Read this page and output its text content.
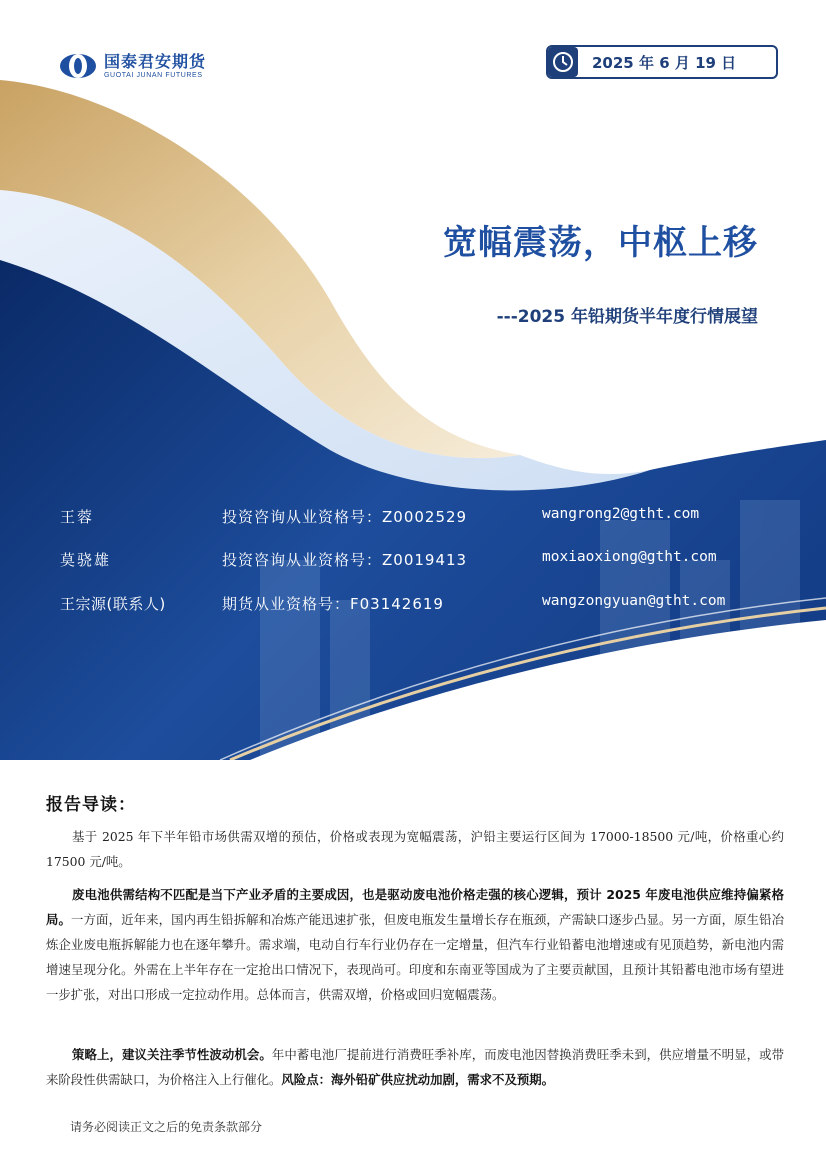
国泰君安期货
GUOTAI JUNAN FUTURES
2025 年 6 月 19 日
宽幅震荡，中枢上移
---2025 年铅期货半年度行情展望
王蓉	投资咨询从业资格号：Z0002529	wangrong2@gtht.com
莫骁雄	投资咨询从业资格号：Z0019413	moxiaoxiong@gtht.com
王宗源(联系人)	期货从业资格号：F03142619	wangzongyuan@gtht.com
报告导读：
基于 2025 年下半年铅市场供需双增的预估，价格或表现为宽幅震荡，沪铅主要运行区间为 17000-18500 元/吨，价格重心约 17500 元/吨。
废电池供需结构不匹配是当下产业矛盾的主要成因，也是驱动废电池价格走强的核心逻辑，预计 2025 年废电池供应维持偏紧格局。一方面，近年来，国内再生铅拆解和冶炼产能迅速扩张，但废电瓶发生量增长存在瓶颈，产需缺口逐步凸显。另一方面，原生铅冶炼企业废电瓶拆解能力也在逐年攀升。需求端，电动自行车行业仍存在一定增量，但汽车行业铅蓄电池增速或有见顶趋势，新电池内需增速呈现分化。外需在上半年存在一定抢出口情况下，表现尚可。印度和东南亚等国成为了主要贡献国，且预计其铅蓄电池市场有望进一步扩张，对出口形成一定拉动作用。总体而言，供需双增，价格或回归宽幅震荡。
策略上，建议关注季节性波动机会。年中蓄电池厂提前进行消费旺季补库，而废电池因替换消费旺季未到，供应增量不明显，或带来阶段性供需缺口，为价格注入上行催化。风险点：海外铅矿供应扰动加剧，需求不及预期。
请务必阅读正文之后的免责条款部分
